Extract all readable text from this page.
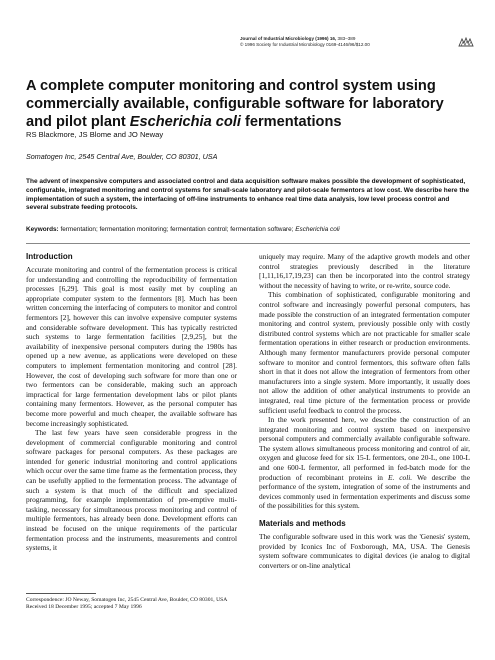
Journal of Industrial Microbiology (1996) 16, 383–389
© 1996 Society for Industrial Microbiology 0169-4146/96/$12.00
A complete computer monitoring and control system using commercially available, configurable software for laboratory and pilot plant Escherichia coli fermentations
RS Blackmore, JS Blome and JO Neway
Somatogen Inc, 2545 Central Ave, Boulder, CO 80301, USA
The advent of inexpensive computers and associated control and data acquisition software makes possible the development of sophisticated, configurable, integrated monitoring and control systems for small-scale laboratory and pilot-scale fermentors at low cost. We describe here the implementation of such a system, the interfacing of off-line instruments to enhance real time data analysis, low level process control and several substrate feeding protocols.
Keywords: fermentation; fermentation monitoring; fermentation control; fermentation software; Escherichia coli
Introduction

Accurate monitoring and control of the fermentation process is critical for understanding and controlling the reproducibility of fermentation processes [6,29]. This goal is most easily met by coupling an appropriate computer system to the fermentors [8]. Much has been written concerning the interfacing of computers to monitor and control fermentors [2], however this can involve expensive computer systems and considerable software development. This has typically restricted such systems to large fermentation facilities [2,9,25], but the availability of inexpensive personal computers during the 1980s has opened up a new avenue, as applications were developed on these computers to implement fermentation monitoring and control [28]. However, the cost of developing such software for more than one or two fermentors can be considerable, making such an approach impractical for large fermentation development labs or pilot plants containing many fermentors. However, as the personal computer has become more powerful and much cheaper, the available software has become increasingly sophisticated.

The last few years have seen considerable progress in the development of commercial configurable monitoring and control software packages for personal computers. As these packages are intended for generic industrial monitoring and control applications which occur over the same time frame as the fermentation process, they can be usefully applied to the fermentation process. The advantage of such a system is that much of the difficult and specialized programming, for example implementation of pre-emptive multi-tasking, necessary for simultaneous process monitoring and control of multiple fermentors, has already been done. Development efforts can instead be focused on the unique requirements of the particular fermentation process and the instruments, measurements and control systems, it

uniquely may require. Many of the adaptive growth models and other control strategies previously described in the literature [1,11,16,17,19,23] can then be incorporated into the control strategy without the necessity of having to write, or re-write, source code.

This combination of sophisticated, configurable monitoring and control software and increasingly powerful personal computers, has made possible the construction of an integrated fermentation computer monitoring and control system, previously possible only with costly distributed control systems which are not practicable for smaller scale fermentation operations in either research or production environments. Although many fermentor manufacturers provide personal computer software to monitor and control fermentors, this software often falls short in that it does not allow the integration of fermentors from other manufacturers into a single system. More importantly, it usually does not allow the addition of other analytical instruments to provide an integrated, real time picture of the fermentation process or provide sufficient useful feedback to control the process.

In the work presented here, we describe the construction of an integrated monitoring and control system based on inexpensive personal computers and commercially available configurable software. The system allows simultaneous process monitoring and control of air, oxygen and glucose feed for six 15-L fermentors, one 20-L, one 100-L and one 600-L fermentor, all performed in fed-batch mode for the production of recombinant proteins in E. coli. We describe the performance of the system, integration of some of the instruments and devices commonly used in fermentation experiments and discuss some of the possibilities for this system.

Materials and methods

The configurable software used in this work was the 'Genesis' system, provided by Iconics Inc of Foxborough, MA, USA. The Genesis system software communicates to digital devices (ie analog to digital converters or on-line analytical

Correspondence: JO Neway, Somatogen Inc, 2545 Central Ave, Boulder, CO 80301, USA
Received 18 December 1995; accepted 7 May 1996
